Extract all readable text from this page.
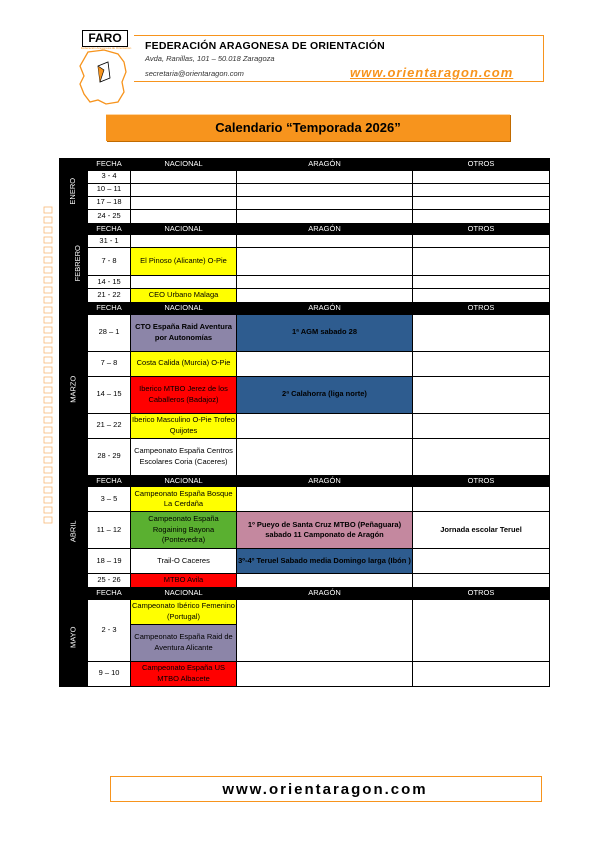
FARO
Federación Aragonesa de Orientación FEDERACIÓN ARAGONESA DE ORIENTACIÓN
Avda, Ranillas, 101 – 50.018 Zaragoza
secretaria@orientaragon.com	www.orientaragon.com
Calendario “Temporada 2026”
ENERO	FECHA	NACIONAL	ARAGÓN	OTROS
	3 - 4			
	10 – 11			
	17 – 18			
	24 - 25			
FEBRERO	FECHA	NACIONAL	ARAGÓN	OTROS
	31 - 1			
	7 - 8	El Pinoso (Alicante) O-Pie		
	14 - 15			
	21 - 22	CEO Urbano Malaga		
MARZO	FECHA	NACIONAL	ARAGÓN	OTROS
	28 – 1	CTO España Raid Aventura por Autonomías	1ª AGM sabado 28	
	7 – 8	Costa Calida (Murcia) O-Pie		
	14 – 15	Iberico MTBO Jerez de los Caballeros (Badajoz)	2ª Calahorra (liga norte)	
	21 – 22	Iberico Masculino O-Pie Trofeo Quijotes		
	28 - 29	Campeonato España Centros Escolares Coria (Caceres)		
ABRIL	FECHA	NACIONAL	ARAGÓN	OTROS
	3 – 5	Campeonato España Bosque La Cerdaña		
	11 – 12	Campeonato España Rogaining Bayona (Pontevedra)	1º Pueyo de Santa Cruz MTBO (Peñaguara) sabado 11 Camponato de Aragón	Jornada escolar Teruel
	18 – 19	Trail-O Caceres	3º-4º Teruel Sabado media Domingo larga (Ibón )	
	25 - 26	MTBO Avila		
MAYO	FECHA	NACIONAL	ARAGÓN	OTROS
	2 - 3	Campeonato Ibérico Femenino (Portugal)		
		Campeonato España Raid de Aventura Alicante		
	9 – 10	Campeonato España US MTBO Albacete		
www.orientaragon.com
